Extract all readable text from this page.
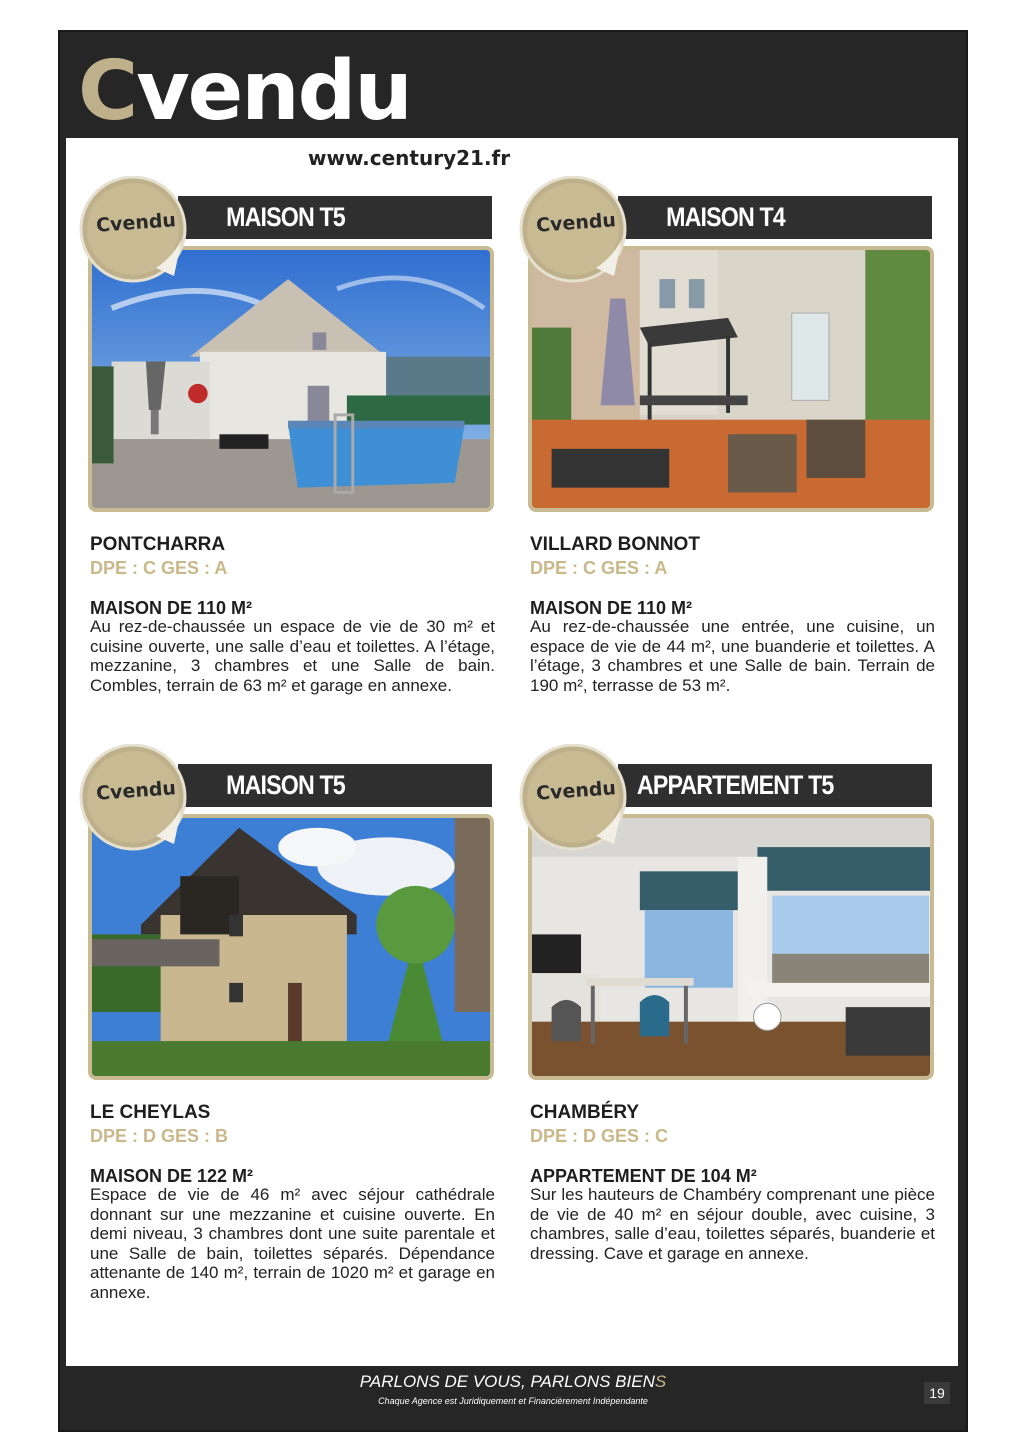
Cvendu
www.century21.fr
MAISON T5
Cvendu
PONTCHARRA
DPE : C GES : A
MAISON DE 110 M²
Au rez-de-chaussée un espace de vie de 30 m² et cuisine ouverte, une salle d’eau et toilettes. A l’étage, mezzanine, 3 chambres et une Salle de bain. Combles, terrain de 63 m² et garage en annexe.
MAISON T4
Cvendu
VILLARD BONNOT
DPE : C GES : A
MAISON DE 110 M²
Au rez-de-chaussée une entrée, une cuisine, un espace de vie de 44 m², une buanderie et toilettes. A l’étage, 3 chambres et une Salle de bain. Terrain de 190 m², terrasse de 53 m².
MAISON T5
Cvendu
LE CHEYLAS
DPE : D GES : B
MAISON DE 122 M²
Espace de vie de 46 m² avec séjour cathédrale donnant sur une mezzanine et cuisine ouverte. En demi niveau, 3 chambres dont une suite parentale et une Salle de bain, toilettes séparés. Dépendance attenante de 140 m², terrain de 1020 m² et garage en annexe.
APPARTEMENT T5
Cvendu
CHAMBÉRY
DPE : D GES : C
APPARTEMENT DE 104 M²
Sur les hauteurs de Chambéry comprenant une pièce de vie de 40 m² en séjour double, avec cuisine, 3 chambres, salle d’eau, toilettes séparés, buanderie et dressing. Cave et garage en annexe.
PARLONS DE VOUS, PARLONS BIENS
Chaque Agence est Juridiquement et Financièrement Indépendante	19
